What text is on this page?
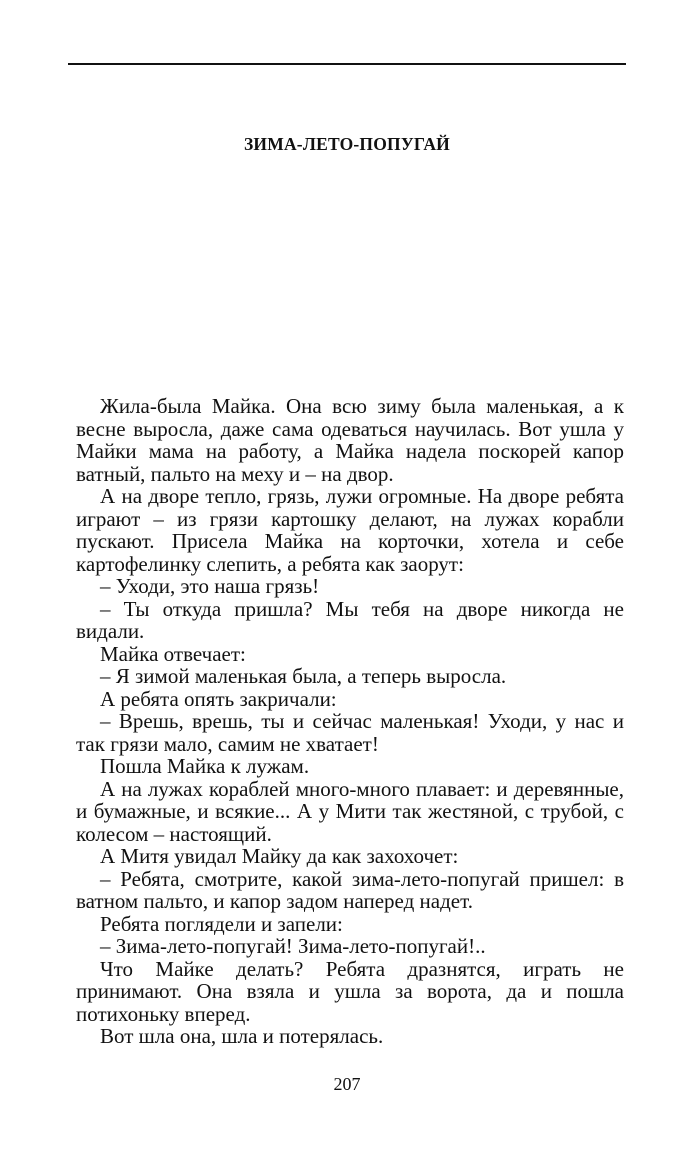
ЗИМА-ЛЕТО-ПОПУГАЙ

Жила-была Майка. Она всю зиму была маленькая, а к весне выросла, даже сама одеваться научилась. Вот ушла у Майки мама на работу, а Майка надела поскорей капор ватный, пальто на меху и – на двор.

А на дворе тепло, грязь, лужи огромные. На дворе ребята играют – из грязи картошку делают, на лужах корабли пускают. Присела Майка на корточки, хотела и себе картофелинку слепить, а ребята как заорут:

– Уходи, это наша грязь!

– Ты откуда пришла? Мы тебя на дворе никогда не видали.

Майка отвечает:

– Я зимой маленькая была, а теперь выросла.

А ребята опять закричали:

– Врешь, врешь, ты и сейчас маленькая! Уходи, у нас и так грязи мало, самим не хватает!

Пошла Майка к лужам.

А на лужах кораблей много-много плавает: и деревянные, и бумажные, и всякие... А у Мити так жестяной, с трубой, с колесом – настоящий.

А Митя увидал Майку да как захохочет:

– Ребята, смотрите, какой зима-лето-попугай пришел: в ватном пальто, и капор задом наперед надет.

Ребята поглядели и запели:

– Зима-лето-попугай! Зима-лето-попугай!..

Что Майке делать? Ребята дразнятся, играть не принимают. Она взяла и ушла за ворота, да и пошла потихоньку вперед.

Вот шла она, шла и потерялась.

207
